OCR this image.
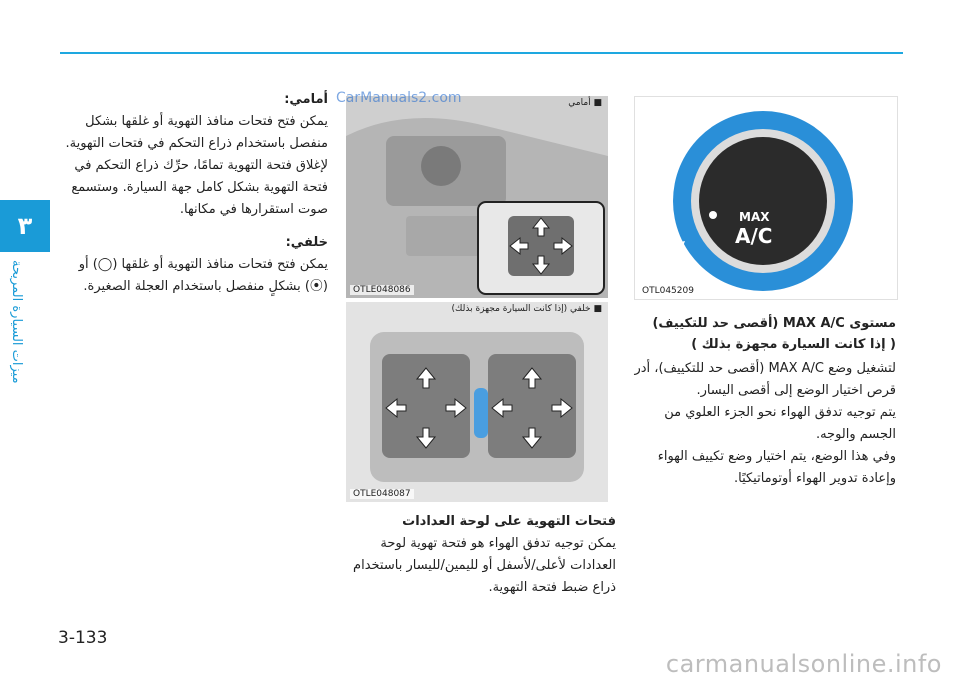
٣
ميزات السيارة المريحة
أمامي:
يمكن فتح فتحات منافذ التهوية أو غلقها بشكل منفصل باستخدام ذراع التحكم في فتحات التهوية. لإغلاق فتحة التهوية تمامًا، حرِّك ذراع التحكم في فتحة التهوية بشكل كامل جهة السيارة. وستسمع صوت استقرارها في مكانها.
خلفي:
يمكن فتح فتحات منافذ التهوية أو غلقها (◯) أو (⦿) بشكلٍ منفصل باستخدام العجلة الصغيرة.
■ أمامي
OTLE048086
■ خلفي (إذا كانت السيارة مجهزة بذلك)
OTLE048087
MAX
A/C
OTL045209
مستوى MAX A/C (أقصى حد للتكييف)
( إذا كانت السيارة مجهزة بذلك )
لتشغيل وضع MAX A/C (أقصى حد للتكييف)، أدر قرص اختيار الوضع إلى أقصى اليسار.
يتم توجيه تدفق الهواء نحو الجزء العلوي من الجسم والوجه.
وفي هذا الوضع، يتم اختيار وضع تكييف الهواء وإعادة تدوير الهواء أوتوماتيكيًا.
فتحات التهوية على لوحة العدادات
يمكن توجيه تدفق الهواء هو فتحة تهوية لوحة العدادات لأعلى/لأسفل أو لليمين/لليسار باستخدام ذراع ضبط فتحة التهوية.
3-133
carmanualsonline.info
CarManuals2.com
